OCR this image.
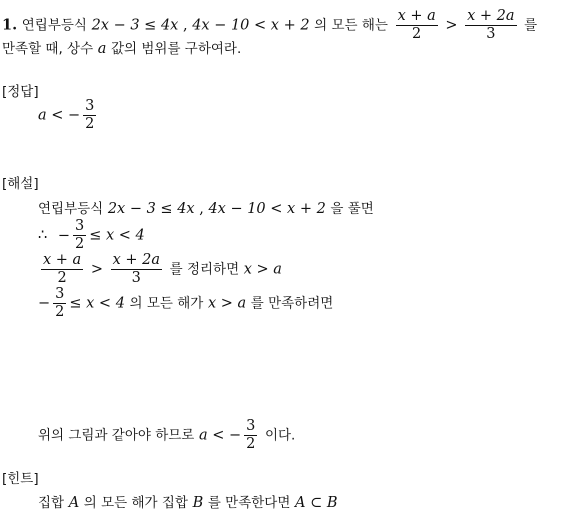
1. 연립부등식 2x − 3 ≤ 4x , 4x − 10 < x + 2 의 모든 해는 $\frac{x + a}{2} > \frac{x + 2a}{3}$ 를
만족할 때, 상수 a 값의 범위를 구하여라.
[정답]
a < − $\frac{3}{2}$
[해설]
연립부등식 2x − 3 ≤ 4x , 4x − 10 < x + 2 을 풀면
∴ − $\frac{3}{2} \le x < 4$
$\frac{x + a}{2} > \frac{x + 2a}{3}$ 를 정리하면 x > a
− $\frac{3}{2} \le x < 4$ 의 모든 해가 x > a 를 만족하려면
위의 그림과 같아야 하므로 a < − $\frac{3}{2}$ 이다.
[힌트]
집합 A 의 모든 해가 집합 B 를 만족한다면 A ⊂ B
